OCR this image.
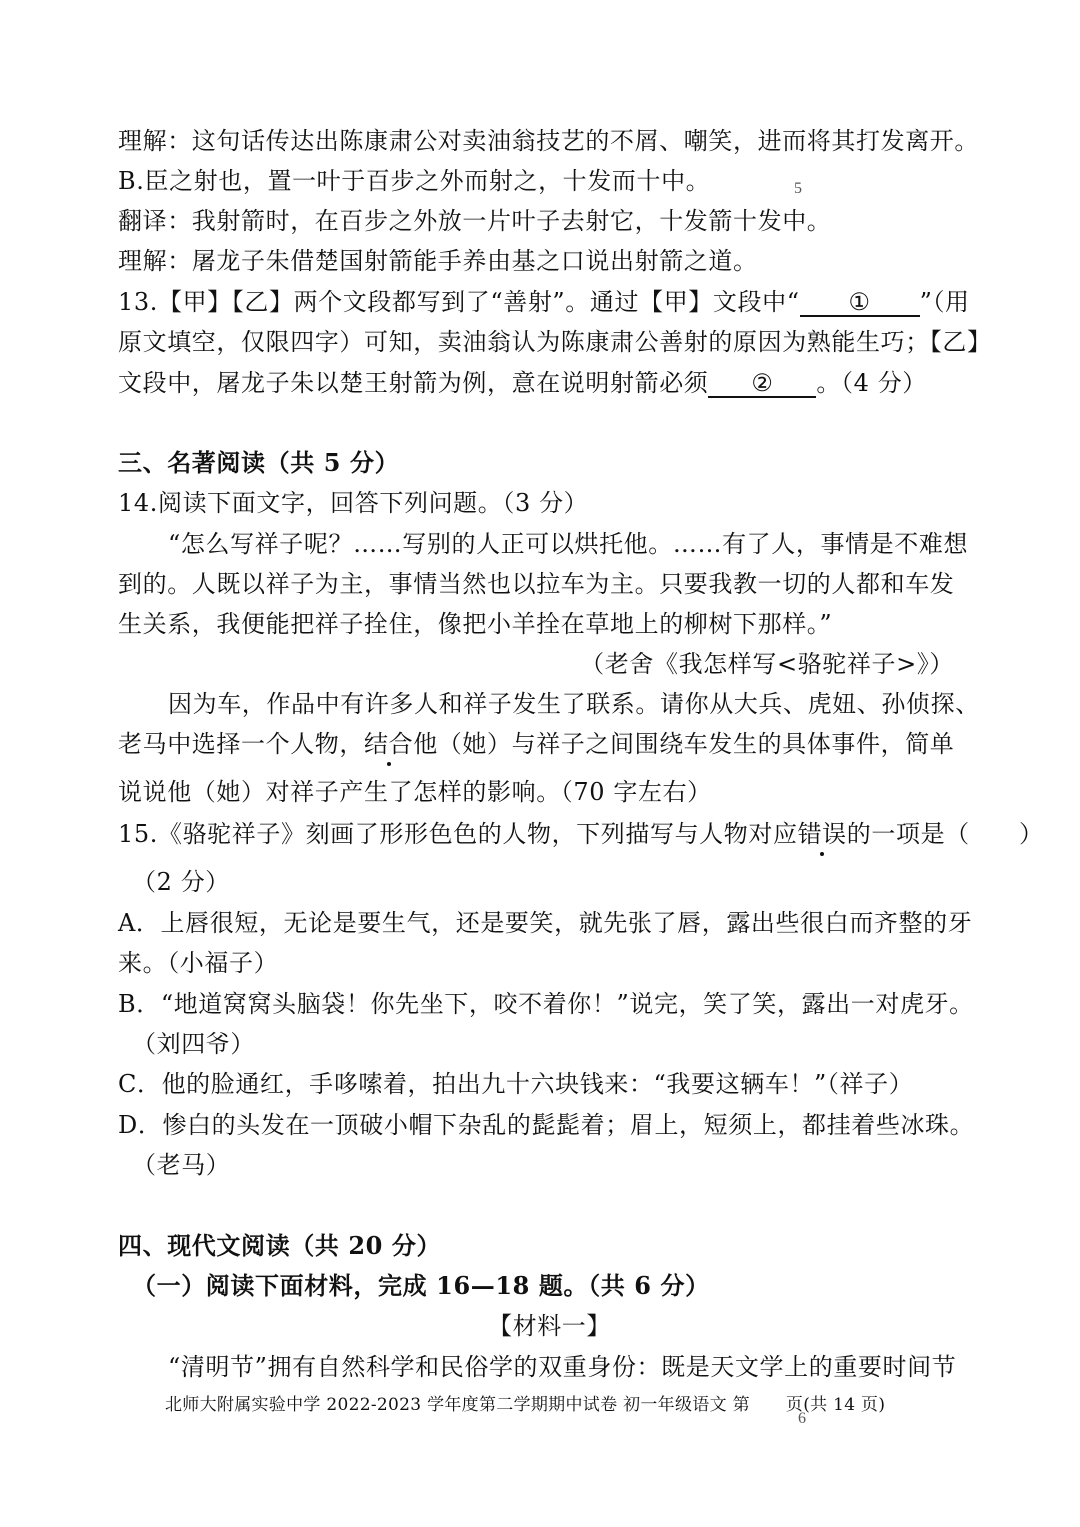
理解：这句话传达出陈康肃公对卖油翁技艺的不屑、嘲笑，进而将其打发离开。
B.臣之射也，置一叶于百步之外而射之，十发而十中。	5
翻译：我射箭时，在百步之外放一片叶子去射它，十发箭十发中。
理解：屠龙子朱借楚国射箭能手养由基之口说出射箭之道。
13.【甲】【乙】两个文段都写到了“善射”。通过【甲】文段中“ ① ”（用
原文填空，仅限四字）可知，卖油翁认为陈康肃公善射的原因为熟能生巧；【乙】
文段中，屠龙子朱以楚王射箭为例，意在说明射箭必须 ② 。（4 分）
三、名著阅读（共 5 分）
14.阅读下面文字，回答下列问题。（3 分）
“怎么写祥子呢？……写别的人正可以烘托他。……有了人，事情是不难想
到的。人既以祥子为主，事情当然也以拉车为主。只要我教一切的人都和车发
生关系，我便能把祥子拴住，像把小羊拴在草地上的柳树下那样。”
（老舍《我怎样写<骆驼祥子>》）
因为车，作品中有许多人和祥子发生了联系。请你从大兵、虎妞、孙侦探、
老马中选择一个人物，结合他（她）与祥子之间围绕车发生的具体事件，简单
说说他（她）对祥子产生了怎样的影响。（70 字左右）
15.《骆驼祥子》刻画了形形色色的人物，下列描写与人物对应错误的一项是（　　）
（2 分）
A．上唇很短，无论是要生气，还是要笑，就先张了唇，露出些很白而齐整的牙
来。（小福子）
B．“地道窝窝头脑袋！你先坐下，咬不着你！”说完，笑了笑，露出一对虎牙。
（刘四爷）
C．他的脸通红，手哆嗦着，拍出九十六块钱来：“我要这辆车！”（祥子）
D．惨白的头发在一顶破小帽下杂乱的髭髭着；眉上，短须上，都挂着些冰珠。
（老马）
四、现代文阅读（共 20 分）
（一）阅读下面材料，完成 16—18 题。（共 6 分）
【材料一】
“清明节”拥有自然科学和民俗学的双重身份：既是天文学上的重要时间节
北师大附属实验中学 2022-2023 学年度第二学期期中试卷 初一年级语文 第 页(共 14 页)
6
